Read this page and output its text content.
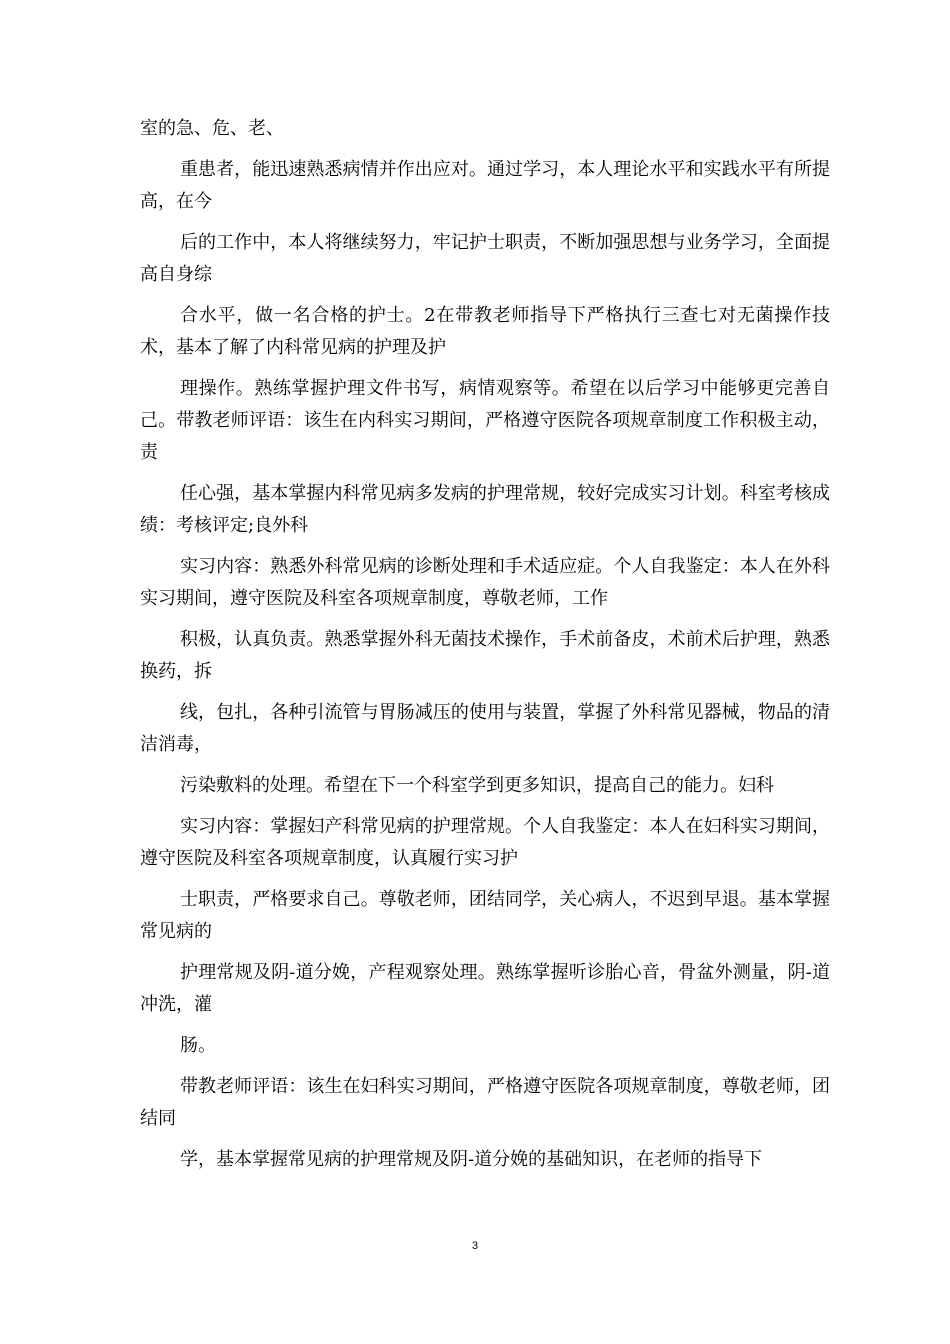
室的急、危、老、

重患者，能迅速熟悉病情并作出应对。通过学习，本人理论水平和实践水平有所提高，在今

后的工作中，本人将继续努力，牢记护士职责，不断加强思想与业务学习，全面提高自身综

合水平，做一名合格的护士。2在带教老师指导下严格执行三查七对无菌操作技术，基本了解了内科常见病的护理及护

理操作。熟练掌握护理文件书写，病情观察等。希望在以后学习中能够更完善自己。带教老师评语：该生在内科实习期间，严格遵守医院各项规章制度工作积极主动，责

任心强，基本掌握内科常见病多发病的护理常规，较好完成实习计划。科室考核成绩：考核评定;良外科

实习内容：熟悉外科常见病的诊断处理和手术适应症。个人自我鉴定：本人在外科实习期间，遵守医院及科室各项规章制度，尊敬老师，工作

积极，认真负责。熟悉掌握外科无菌技术操作，手术前备皮，术前术后护理，熟悉换药，拆

线，包扎，各种引流管与胃肠减压的使用与装置，掌握了外科常见器械，物品的清洁消毒，

污染敷料的处理。希望在下一个科室学到更多知识，提高自己的能力。妇科

实习内容：掌握妇产科常见病的护理常规。个人自我鉴定：本人在妇科实习期间，遵守医院及科室各项规章制度，认真履行实习护

士职责，严格要求自己。尊敬老师，团结同学，关心病人，不迟到早退。基本掌握常见病的

护理常规及阴-道分娩，产程观察处理。熟练掌握听诊胎心音，骨盆外测量，阴-道冲洗，灌

肠。

带教老师评语：该生在妇科实习期间，严格遵守医院各项规章制度，尊敬老师，团结同

学，基本掌握常见病的护理常规及阴-道分娩的基础知识，在老师的指导下

3
